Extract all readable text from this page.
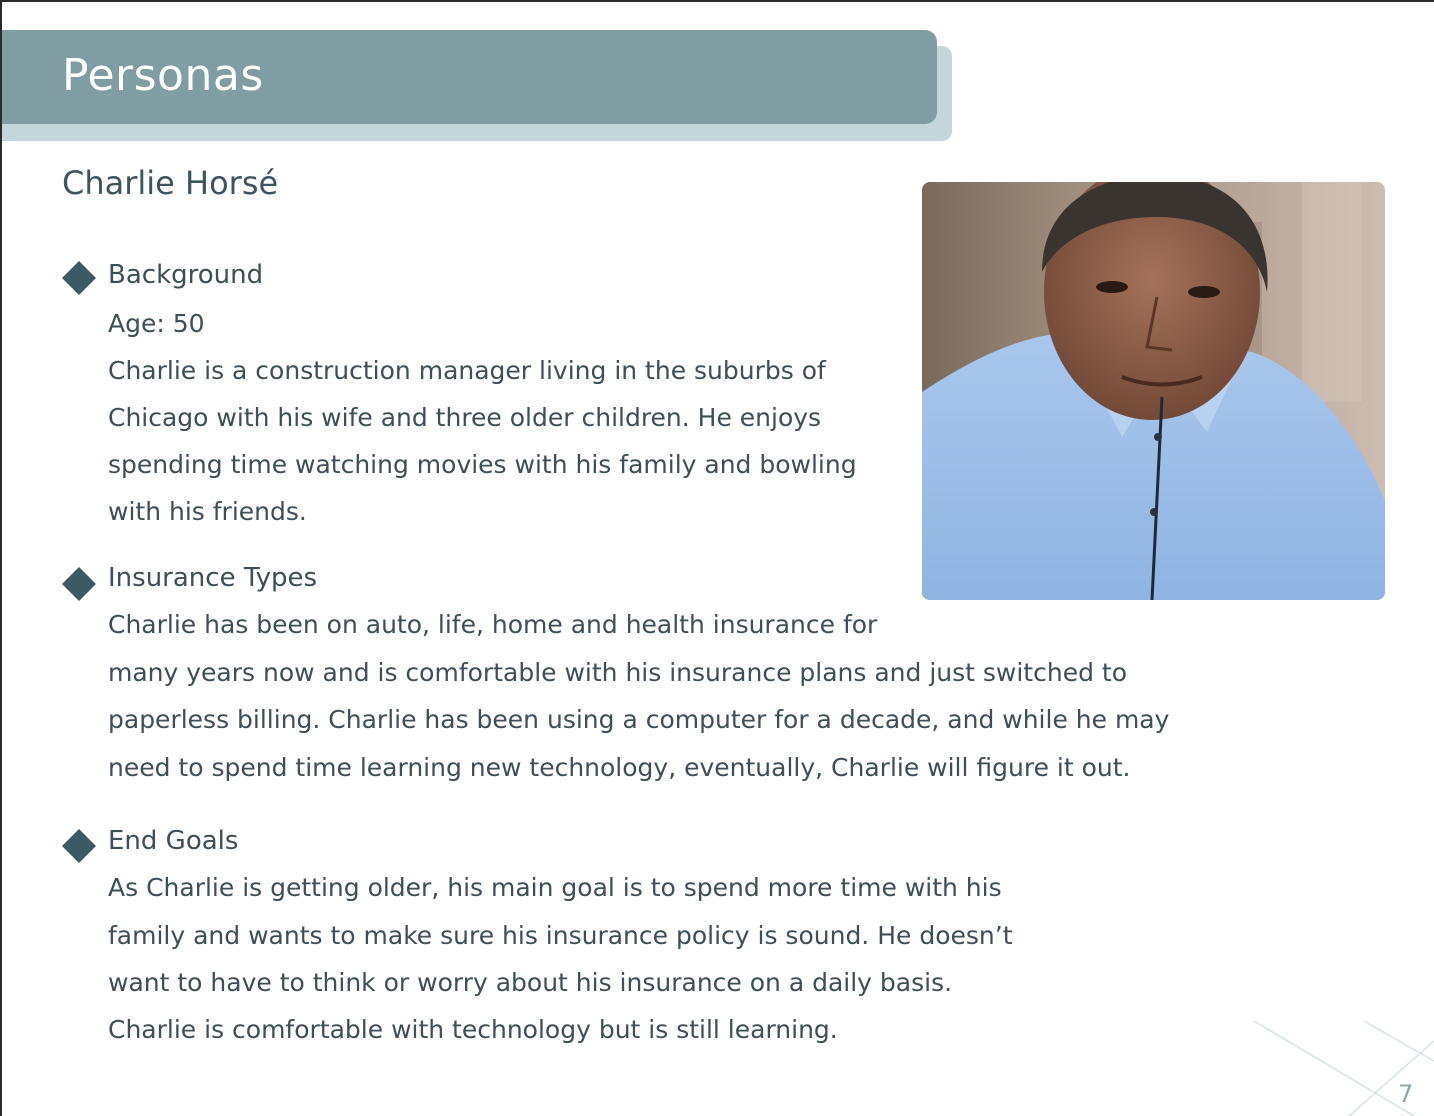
Personas
Charlie Horsé
Background
Age: 50
Charlie is a construction manager living in the suburbs of
Chicago with his wife and three older children. He enjoys
spending time watching movies with his family and bowling
with his friends.
Insurance Types
Charlie has been on auto, life, home and health insurance for
many years now and is comfortable with his insurance plans and just switched to
paperless billing. Charlie has been using a computer for a decade, and while he may
need to spend time learning new technology, eventually, Charlie will figure it out.
End Goals
As Charlie is getting older, his main goal is to spend more time with his
family and wants to make sure his insurance policy is sound. He doesn’t
want to have to think or worry about his insurance on a daily basis.
Charlie is comfortable with technology but is still learning.
7
